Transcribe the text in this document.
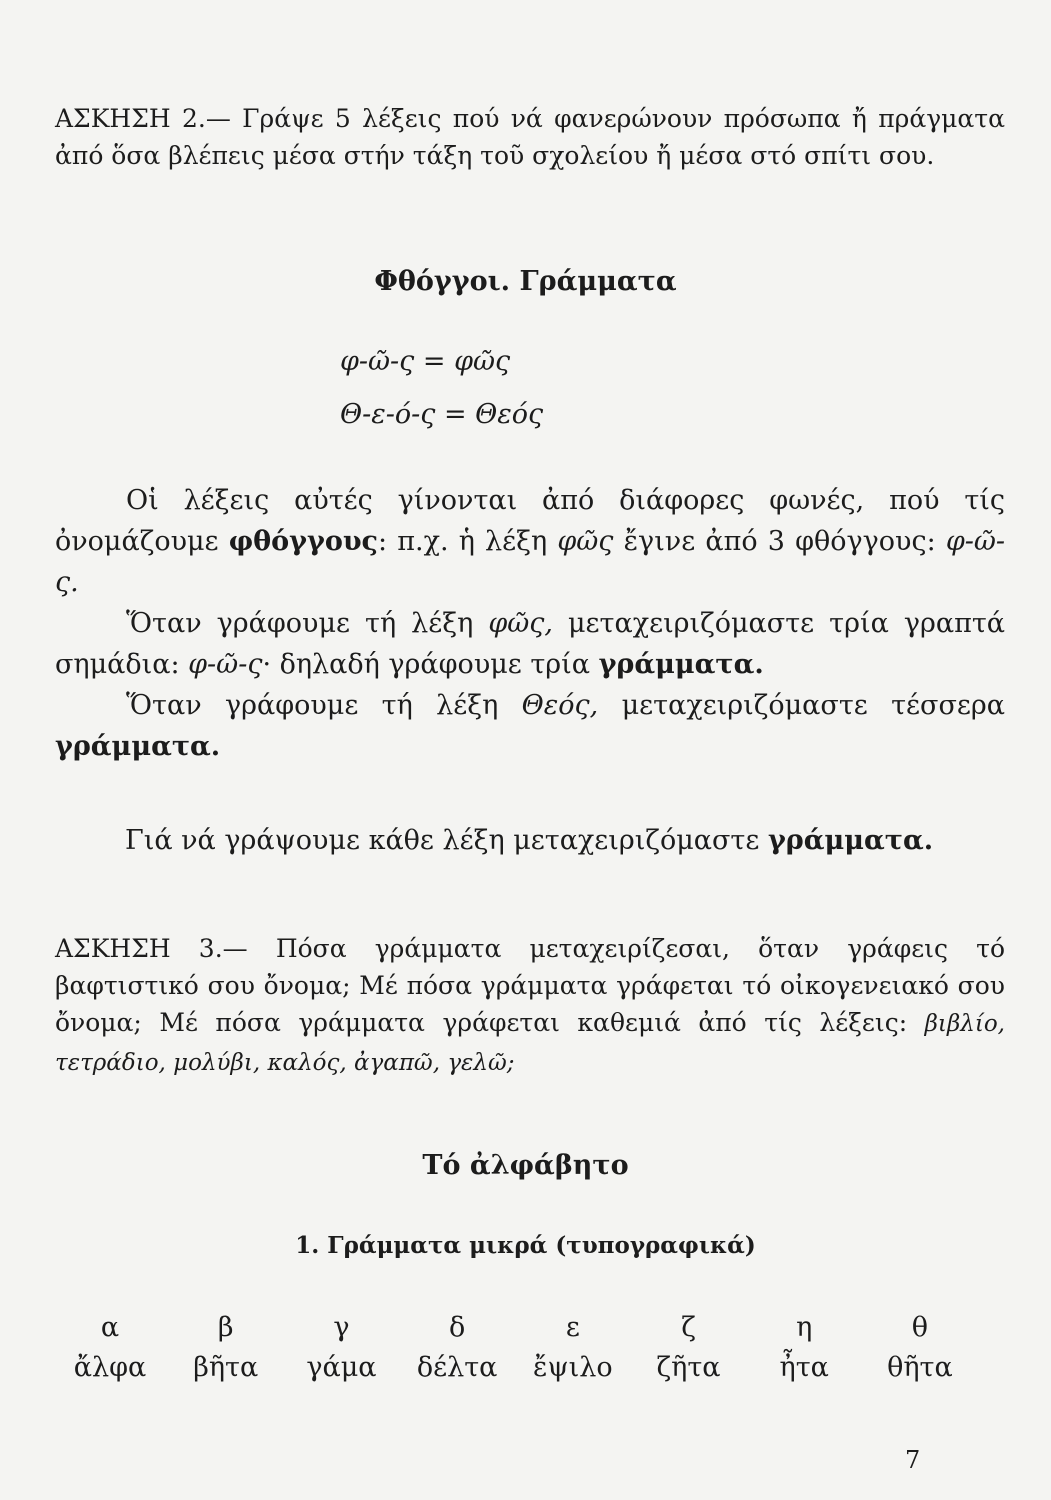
ΑΣΚΗΣΗ 2.— Γράψε 5 λέξεις πού νά φανερώνουν πρόσωπα ἤ πράγματα ἀπό ὅσα βλέπεις μέσα στήν τάξη τοῦ σχολείου ἤ μέσα στό σπίτι σου.

Φθόγγοι. Γράμματα
φ-ῶ-ς = φῶς
Θ-ε-ό-ς = Θεός

Οἱ λέξεις αὐτές γίνονται ἀπό διάφορες φωνές, πού τίς ὀνομάζουμε φθόγγους: π.χ. ἡ λέξη φῶς ἔγινε ἀπό 3 φθόγγους: φ-ῶ-ς.

Ὅταν γράφουμε τή λέξη φῶς, μεταχειριζόμαστε τρία γραπτά σημάδια: φ-ῶ-ς· δηλαδή γράφουμε τρία γράμματα.

Ὅταν γράφουμε τή λέξη Θεός, μεταχειριζόμαστε τέσσερα γράμματα.

Γιά νά γράψουμε κάθε λέξη μεταχειριζόμαστε γράμματα.

ΑΣΚΗΣΗ 3.— Πόσα γράμματα μεταχειρίζεσαι, ὅταν γράφεις τό βαφτιστικό σου ὄνομα; Μέ πόσα γράμματα γράφεται τό οἰκογενειακό σου ὄνομα; Μέ πόσα γράμματα γράφεται καθεμιά ἀπό τίς λέξεις: βιβλίο, τετράδιο, μολύβι, καλός, ἀγαπῶ, γελῶ;

Τό ἀλφάβητο
1. Γράμματα μικρά (τυπογραφικά)
α	β	γ	δ	ε	ζ	η	θ
ἄλφα	βῆτα	γάμα	δέλτα	ἔψιλο	ζῆτα	ἦτα	θῆτα
7
